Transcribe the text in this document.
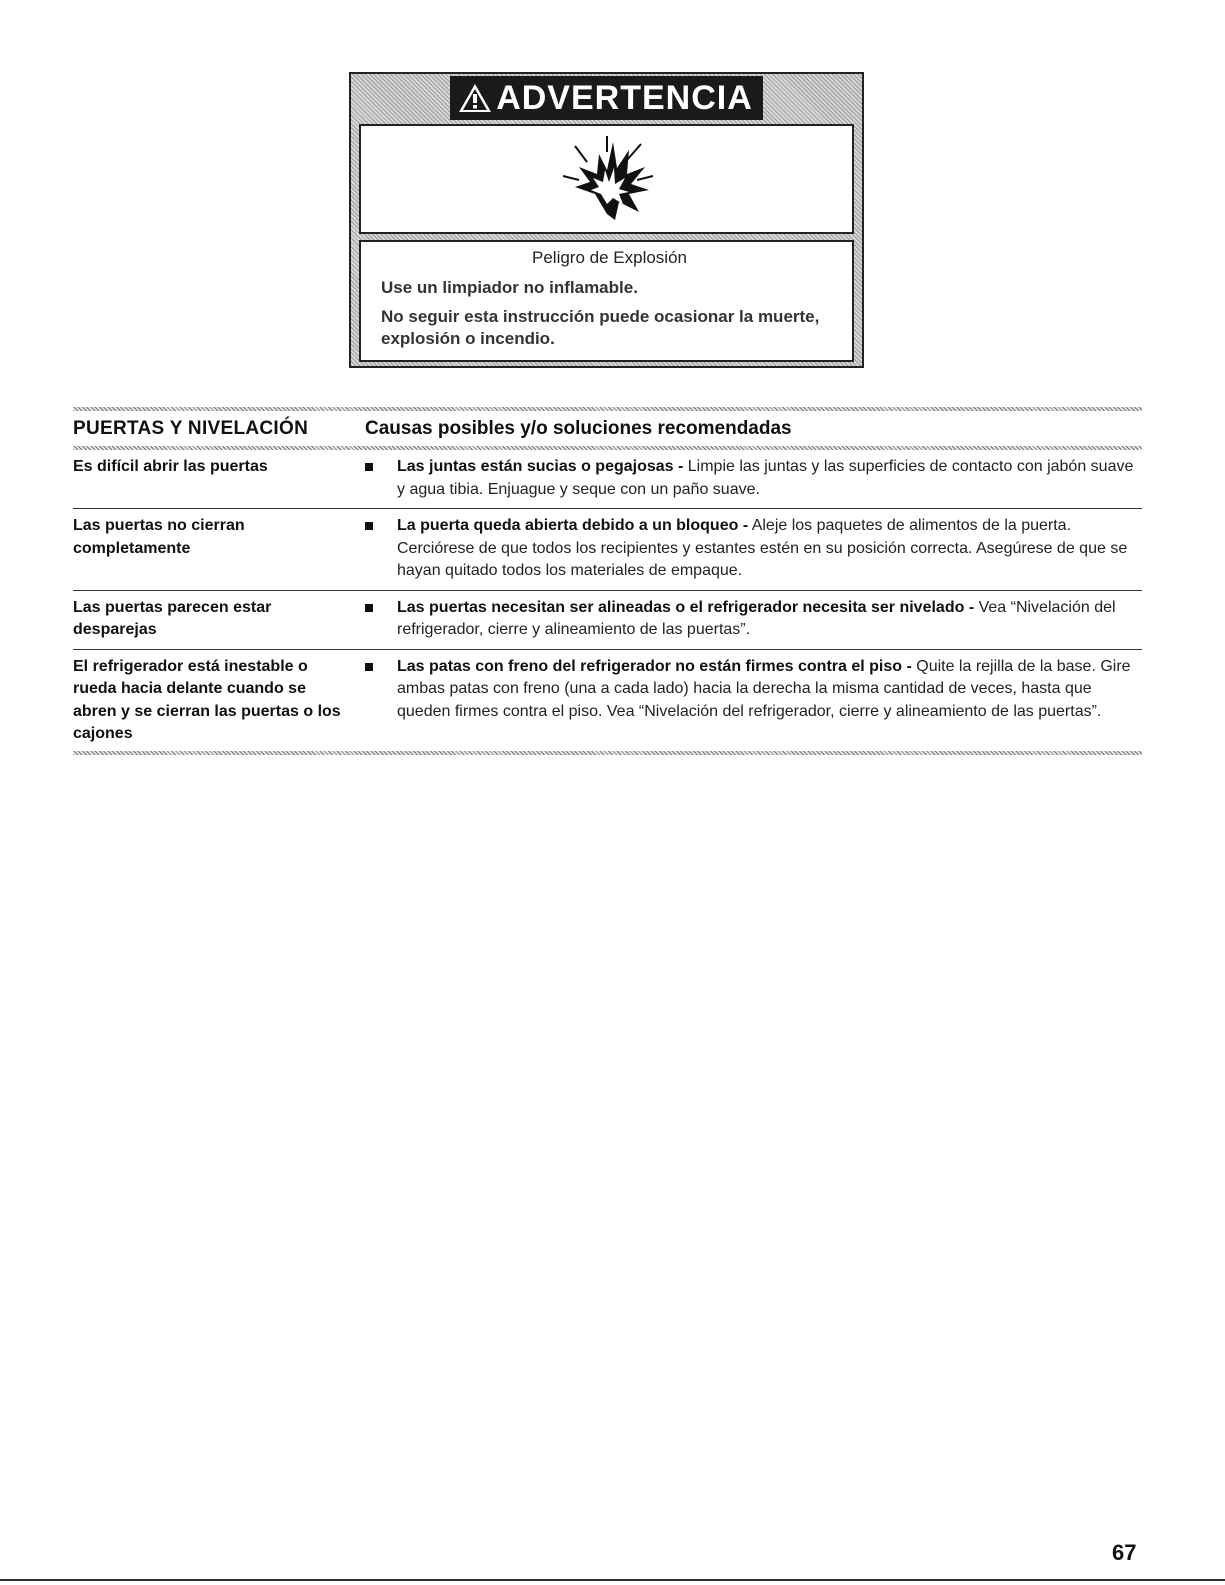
ADVERTENCIA

Peligro de Explosión

Use un limpiador no inflamable.

No seguir esta instrucción puede ocasionar la muerte, explosión o incendio.

PUERTAS Y NIVELACIÓN	Causas posibles y/o soluciones recomendadas
Es difícil abrir las puertas	Las juntas están sucias o pegajosas - Limpie las juntas y las superficies de contacto con jabón suave y agua tibia. Enjuague y seque con un paño suave.
Las puertas no cierran completamente
La puerta queda abierta debido a un bloqueo - Aleje los paquetes de alimentos de la puerta. Cerciórese de que todos los recipientes y estantes estén en su posición correcta. Asegúrese de que se hayan quitado todos los materiales de empaque.
Las puertas parecen estar desparejas
Las puertas necesitan ser alineadas o el refrigerador necesita ser nivelado - Vea “Nivelación del refrigerador, cierre y alineamiento de las puertas”.
El refrigerador está inestable o rueda hacia delante cuando se abren y se cierran las puertas o los cajones
Las patas con freno del refrigerador no están firmes contra el piso - Quite la rejilla de la base. Gire ambas patas con freno (una a cada lado) hacia la derecha la misma cantidad de veces, hasta que queden firmes contra el piso. Vea “Nivelación del refrigerador, cierre y alineamiento de las puertas”.
67
